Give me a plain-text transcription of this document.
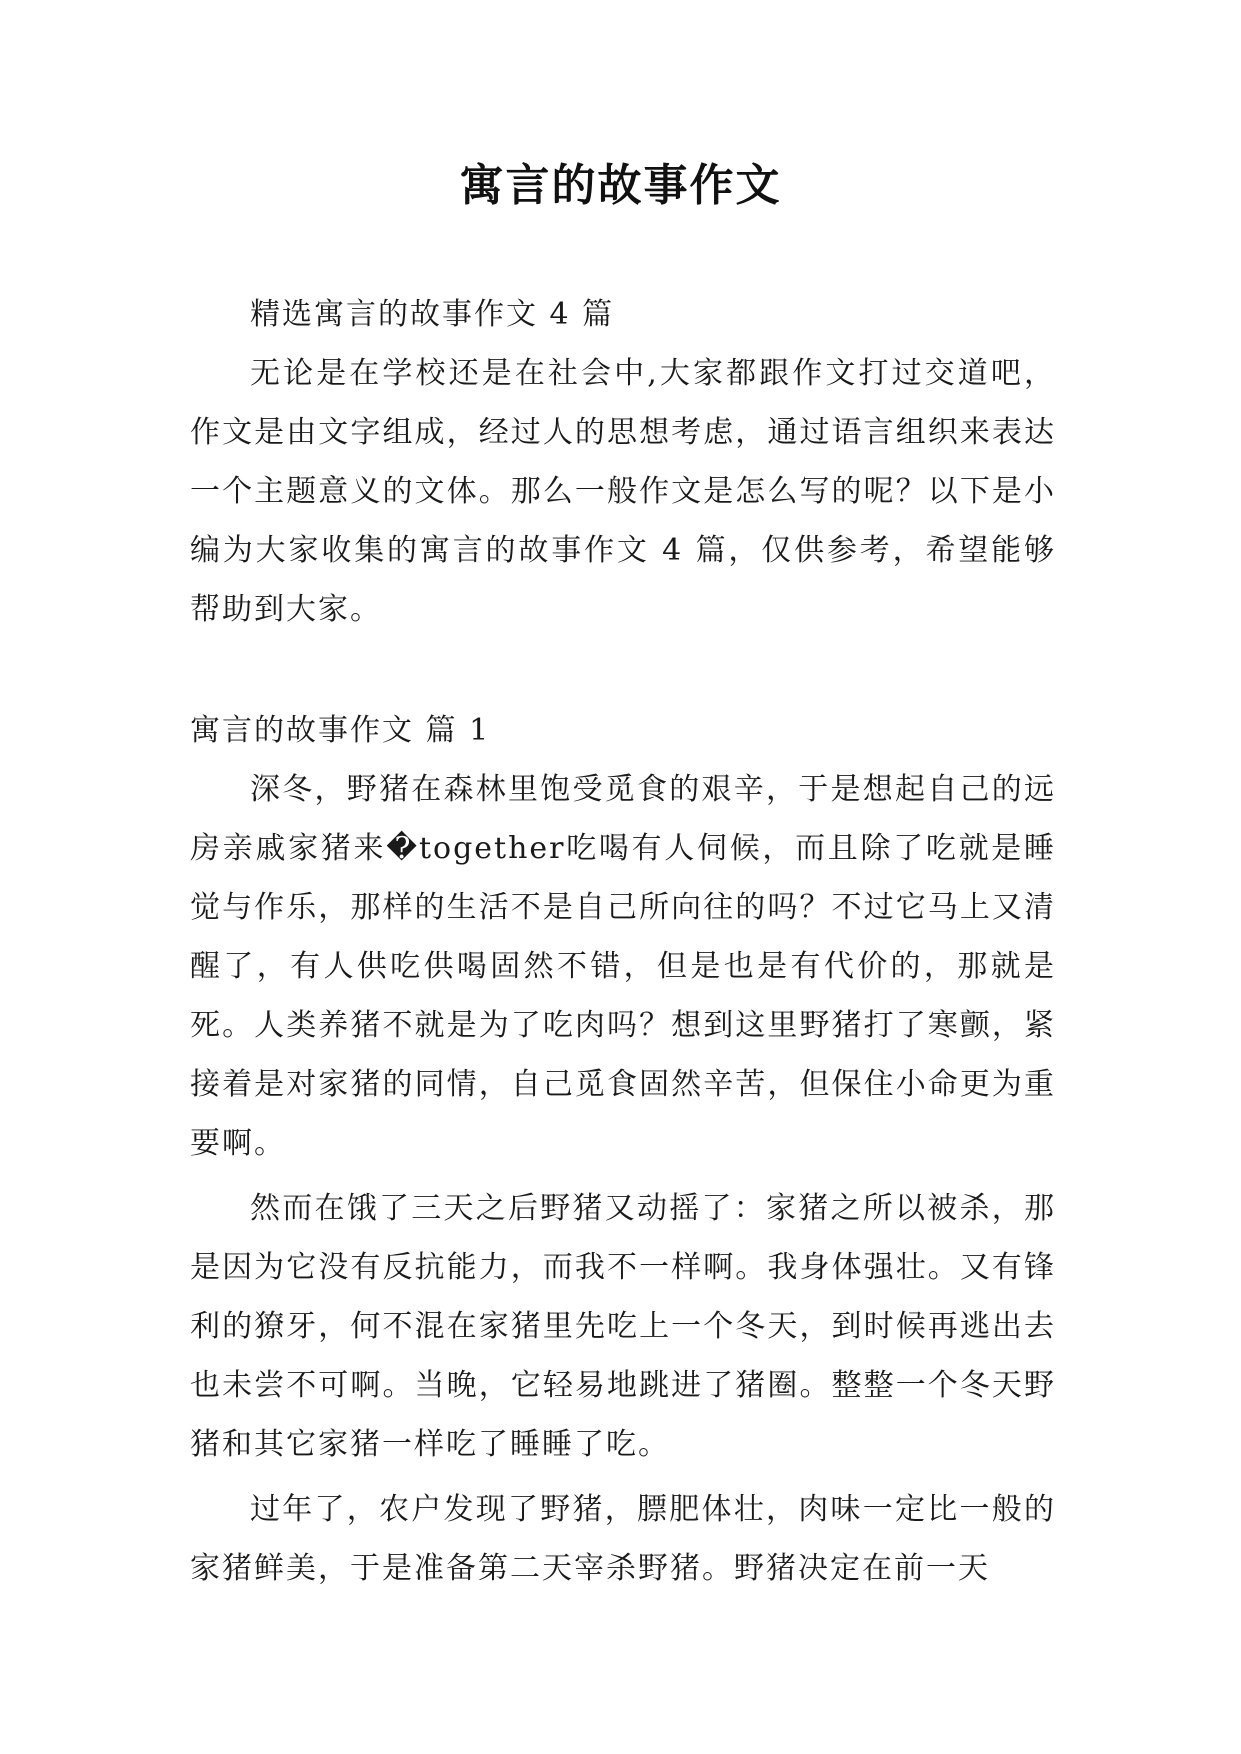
寓言的故事作文

精选寓言的故事作文 4 篇

无论是在学校还是在社会中,大家都跟作文打过交道吧，作文是由文字组成，经过人的思想考虑，通过语言组织来表达一个主题意义的文体。那么一般作文是怎么写的呢？以下是小编为大家收集的寓言的故事作文 4 篇，仅供参考，希望能够帮助到大家。

寓言的故事作文 篇 1

深冬，野猪在森林里饱受觅食的艰辛，于是想起自己的远房亲戚家猪来�together吃喝有人伺候，而且除了吃就是睡觉与作乐，那样的生活不是自己所向往的吗？不过它马上又清醒了，有人供吃供喝固然不错，但是也是有代价的，那就是死。人类养猪不就是为了吃肉吗？想到这里野猪打了寒颤，紧接着是对家猪的同情，自己觅食固然辛苦，但保住小命更为重要啊。

然而在饿了三天之后野猪又动摇了：家猪之所以被杀，那是因为它没有反抗能力，而我不一样啊。我身体强壮。又有锋利的獠牙，何不混在家猪里先吃上一个冬天，到时候再逃出去也未尝不可啊。当晚，它轻易地跳进了猪圈。整整一个冬天野猪和其它家猪一样吃了睡睡了吃。

过年了，农户发现了野猪，膘肥体壮，肉味一定比一般的家猪鲜美，于是准备第二天宰杀野猪。野猪决定在前一天
